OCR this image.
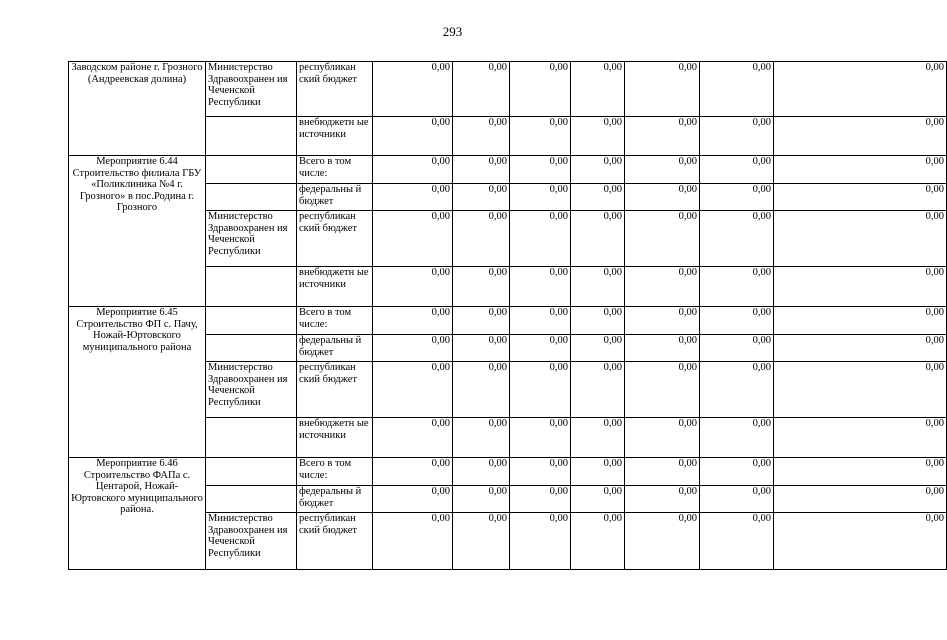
293
Заводском районе г. Грозного (Андреевская долина)	Министерство Здравоохранен ия Чеченской Республики	республикан ский бюджет	0,00	0,00	0,00	0,00	0,00	0,00	0,00
		внебюджетн ые источники	0,00	0,00	0,00	0,00	0,00	0,00	0,00
Мероприятие 6.44 Строительство филиала ГБУ «Поликлиника №4 г. Грозного» в пос.Родина г. Грозного		Всего в том числе:	0,00	0,00	0,00	0,00	0,00	0,00	0,00
		федеральны й бюджет	0,00	0,00	0,00	0,00	0,00	0,00	0,00
	Министерство Здравоохранен ия Чеченской Республики	республикан ский бюджет	0,00	0,00	0,00	0,00	0,00	0,00	0,00
		внебюджетн ые источники	0,00	0,00	0,00	0,00	0,00	0,00	0,00
Мероприятие 6.45 Строительство ФП с. Пачу, Ножай-Юртовского муниципального района		Всего в том числе:	0,00	0,00	0,00	0,00	0,00	0,00	0,00
		федеральны й бюджет	0,00	0,00	0,00	0,00	0,00	0,00	0,00
	Министерство Здравоохранен ия Чеченской Республики	республикан ский бюджет	0,00	0,00	0,00	0,00	0,00	0,00	0,00
		внебюджетн ые источники	0,00	0,00	0,00	0,00	0,00	0,00	0,00
Мероприятие 6.46 Строительство ФАПа с. Центарой, Ножай-Юртовского муниципального района.		Всего в том числе:	0,00	0,00	0,00	0,00	0,00	0,00	0,00
		федеральны й бюджет	0,00	0,00	0,00	0,00	0,00	0,00	0,00
	Министерство Здравоохранен ия Чеченской Республики	республикан ский бюджет	0,00	0,00	0,00	0,00	0,00	0,00	0,00
